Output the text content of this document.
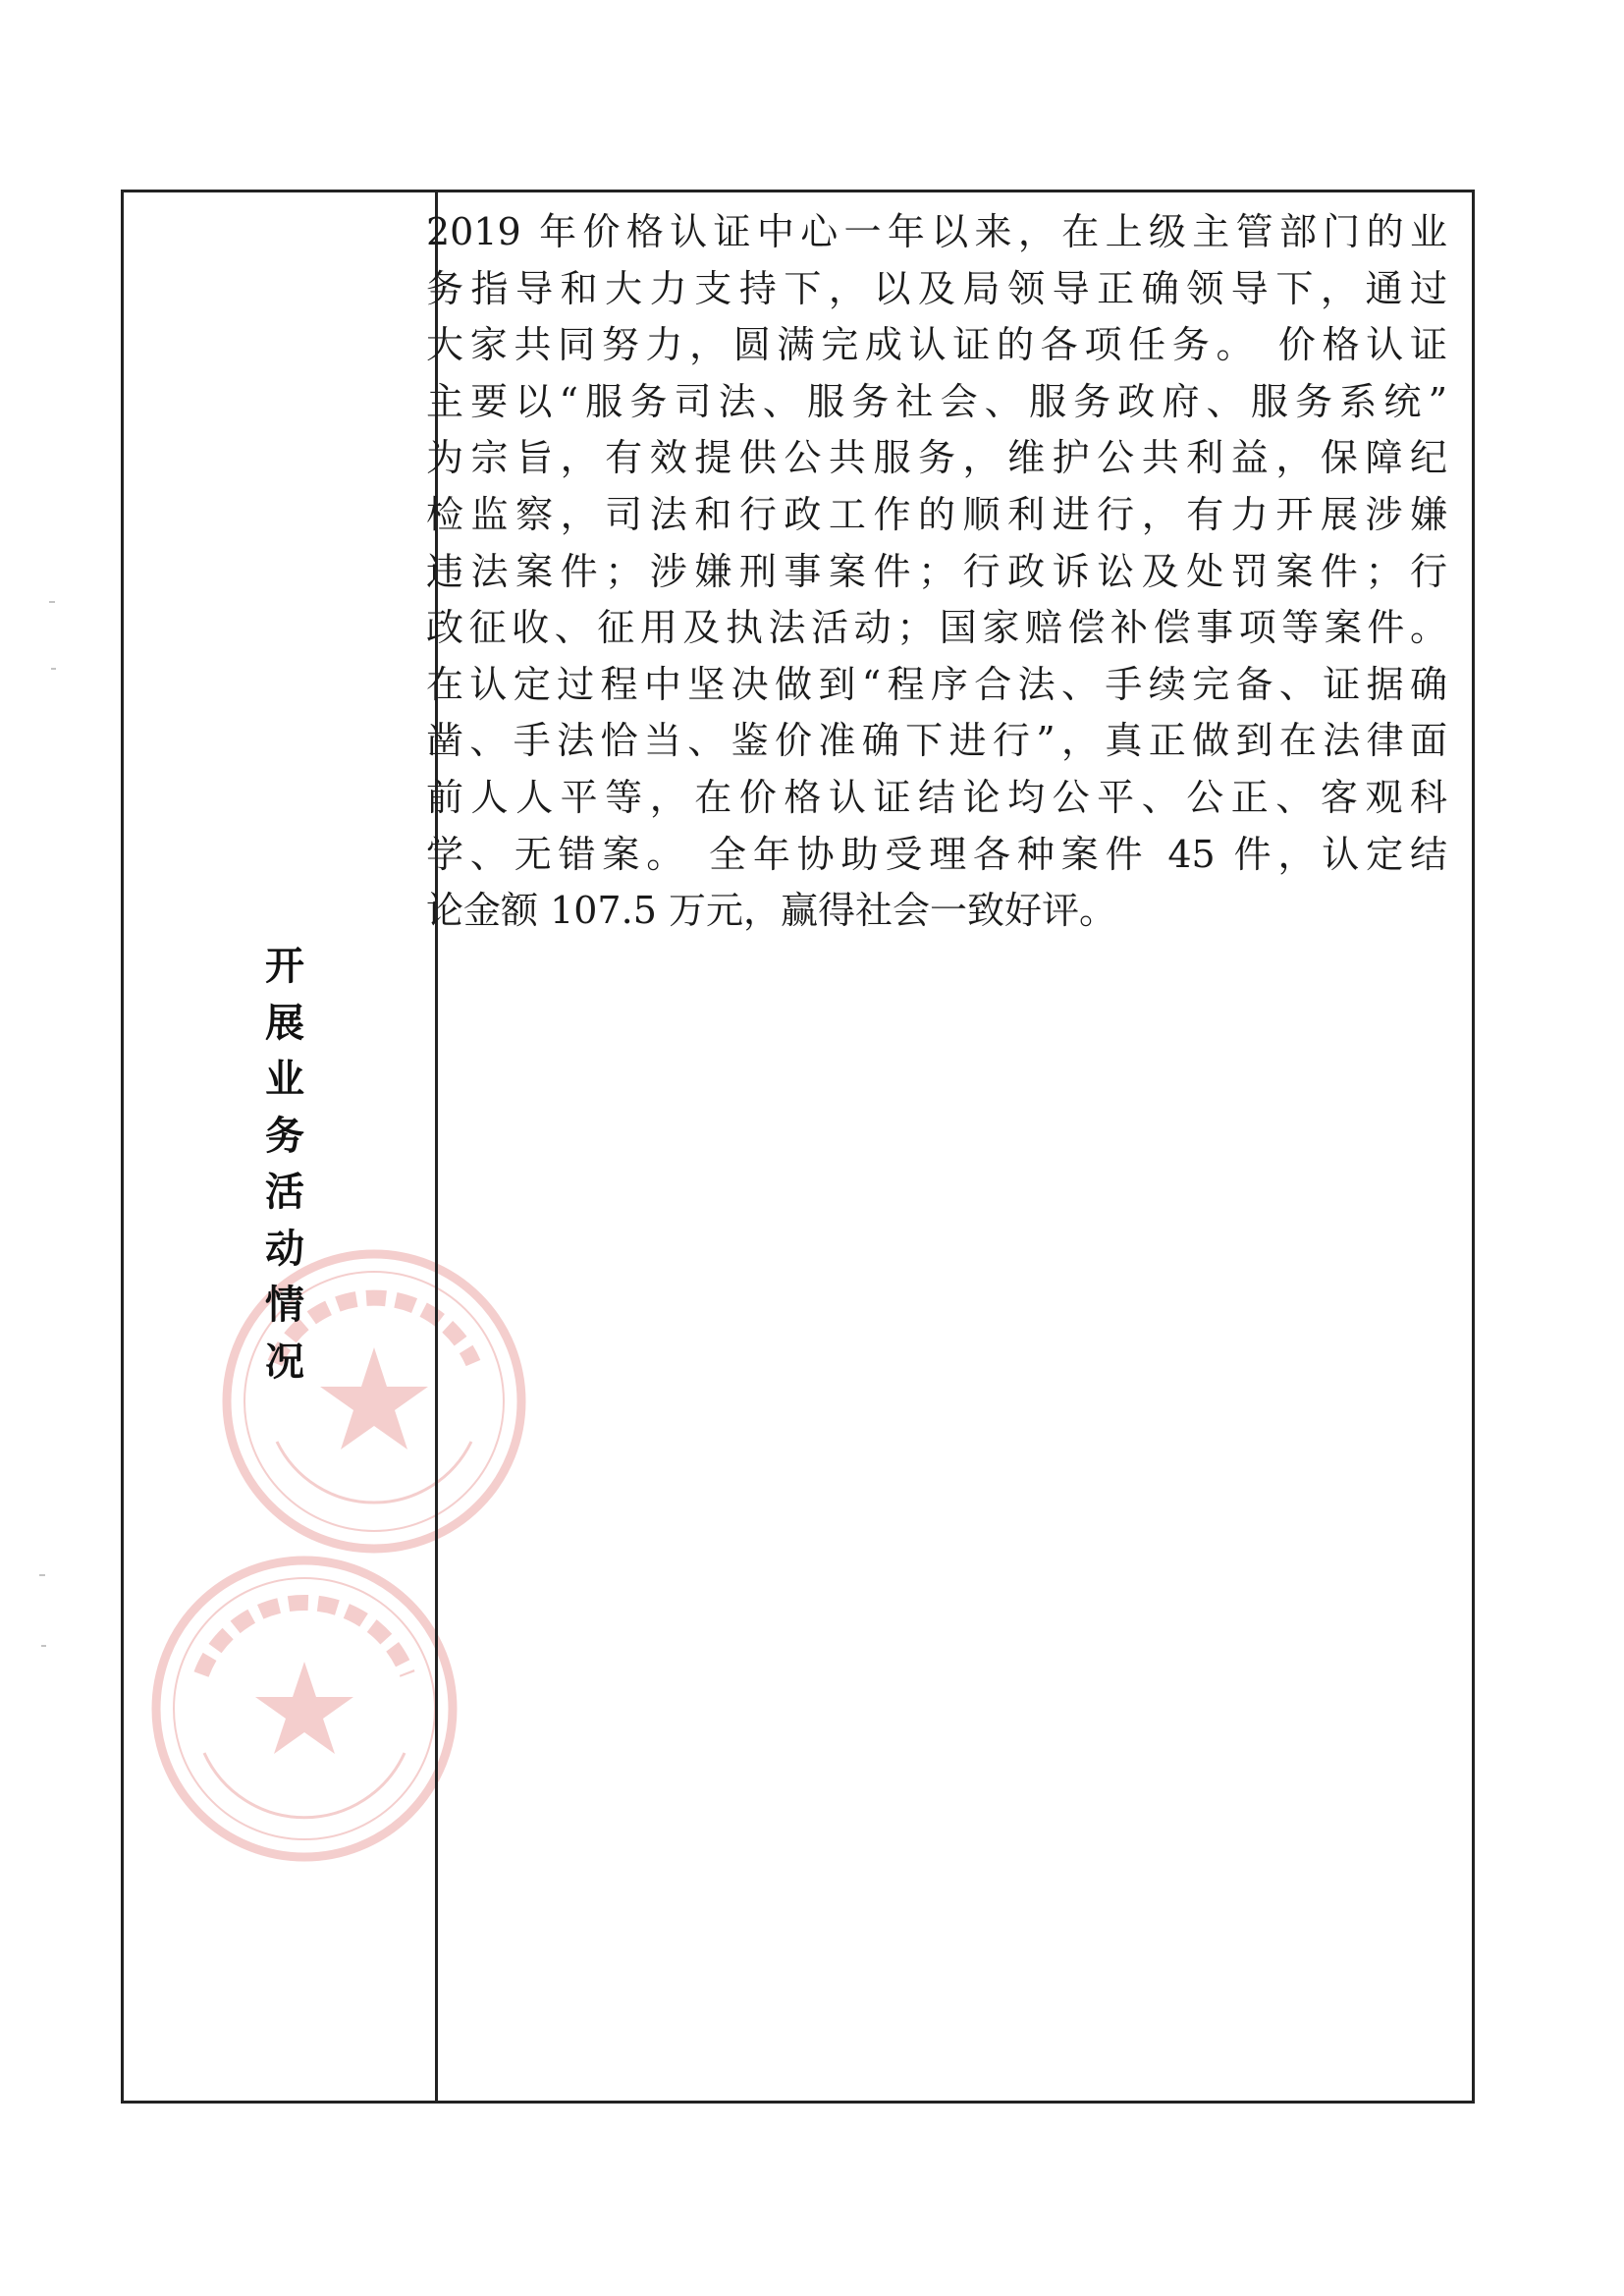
开展业务活动情况

2019 年价格认证中心一年以来，在上级主管部门的业
务指导和大力支持下，以及局领导正确领导下，通过
大家共同努力，圆满完成认证的各项任务。 价格认证
主要以“服务司法、服务社会、服务政府、服务系统”
为宗旨，有效提供公共服务，维护公共利益，保障纪
检监察，司法和行政工作的顺利进行，有力开展涉嫌
违法案件；涉嫌刑事案件；行政诉讼及处罚案件；行
政征收、征用及执法活动；国家赔偿补偿事项等案件。
在认定过程中坚决做到“程序合法、手续完备、证据确
凿、手法恰当、鉴价准确下进行”，真正做到在法律面
前人人平等，在价格认证结论均公平、公正、客观科
学、无错案。 全年协助受理各种案件 45 件，认定结
论金额 107.5 万元，赢得社会一致好评。
